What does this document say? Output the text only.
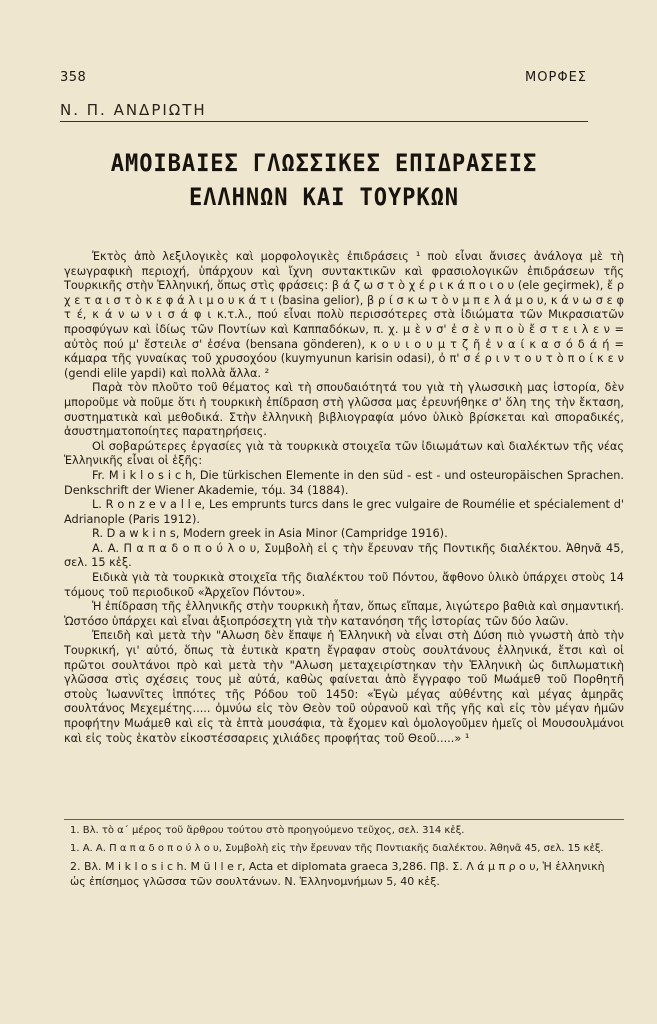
358	ΜΟΡΦΕΣ
Ν. Π. ΑΝΔΡΙΩΤΗ
ΑΜΟΙΒΑΙΕΣ ΓΛΩΣΣΙΚΕΣ ΕΠΙΔΡΑΣΕΙΣ
ΕΛΛΗΝΩΝ ΚΑΙ ΤΟΥΡΚΩΝ

Ἐκτὸς ἀπὸ λεξιλογικὲς καὶ μορφολογικὲς ἐπιδράσεις ¹ ποὺ εἶναι ἄνισες ἀνάλογα μὲ τὴ γεωγραφικὴ περιοχή, ὑπάρχουν καὶ ἴχνη συντακτικῶν καὶ φρασιολογικῶν ἐπιδράσεων τῆς Τουρκικῆς στὴν Ἑλληνική, ὅπως στὶς φράσεις: β ά ζ ω σ τ ὸ χ έ ρ ι κ ά π ο ι ο υ (ele geçirmek), ἔ ρ χ ε τ α ι σ τ ὸ κ ε φ ά λ ι μ ο υ κ ά τ ι (basina gelior), β ρ ί σ κ ω τ ὸ ν μ π ε λ ά μ ο υ, κ ά ν ω σ ε φ τ έ, κ ά ν ω ν ι σ ά φ ι κ.τ.λ., πού εἶναι πολὺ περισσότερες στὰ ἰδιώματα τῶν Μικρασιατῶν προσφύγων καὶ ἰδίως τῶν Ποντίων καὶ Καππαδόκων, π. χ. μ ὲ ν σ' ἐ σ ὲ ν π ο ὺ ἔ σ τ ε ι λ ε ν = αὐτὸς πού μ' ἔστειλε σ' ἐσένα (bensana gönderen), κ ο υ ι ο υ μ τ ζ ῆ ἐ ν α ί κ α σ ό δ ά ή = κάμαρα τῆς γυναίκας τοῦ χρυσοχόου (kuymyunun karisin odasi), ὀ π' σ έ ρ ι ν τ ο υ τ ὸ π ο ί κ ε ν (gendi elile yapdi) καὶ πολλὰ ἄλλα. ²

Παρὰ τὸν πλοῦτο τοῦ θέματος καὶ τὴ σπουδαιότητά του γιὰ τὴ γλωσσικὴ μας ἱστορία, δὲν μποροῦμε νὰ ποῦμε ὅτι ἡ τουρκικὴ ἐπίδραση στὴ γλῶσσα μας ἐρευνήθηκε σ' ὅλη της τὴν ἔκταση, συστηματικὰ καὶ μεθοδικά. Στὴν ἑλληνικὴ βιβλιογραφία μόνο ὑλικὸ βρίσκεται καὶ σποραδικές, ἀσυστηματοποίητες παρατηρήσεις.

Οἱ σοβαρώτερες ἐργασίες γιὰ τὰ τουρκικὰ στοιχεῖα τῶν ἰδιωμάτων καὶ διαλέκτων τῆς νέας Ἑλληνικῆς εἶναι οἱ ἑξῆς:

Fr. M i k l o s i c h, Die türkischen Elemente in den süd - est - und osteuropäischen Sprachen. Denkschrift der Wiener Akademie, τόμ. 34 (1884).

L. R o n z e v a l l e, Les emprunts turcs dans le grec vulgaire de Roumélie et spécialement d' Adrianople (Paris 1912).

R. D a w k i n s, Modern greek in Asia Minor (Campridge 1916).

Α. Α. Π α π α δ ο π ο ύ λ ο υ, Συμβολὴ εἰ ς τὴν ἔρευναν τῆς Ποντικῆς διαλέκτου. Ἀθηνᾶ 45, σελ. 15 κἑξ.

Ειδικὰ γιὰ τὰ τουρκικὰ στοιχεῖα τῆς διαλέκτου τοῦ Πόντου, ἄφθονο ὑλικὸ ὑπάρχει στοὺς 14 τόμους τοῦ περιοδικοῦ «Ἀρχεῖον Πόντου».

Ἡ ἐπίδραση τῆς ἑλληνικῆς στὴν τουρκικὴ ἦταν, ὅπως εἴπαμε, λιγώτερο βαθιὰ καὶ σημαντική. Ὡστόσο ὑπάρχει καὶ εἶναι ἀξιοπρόσεχτη γιὰ τὴν κατανόηση τῆς ἱστορίας τῶν δύο λαῶν.

Ἐπειδὴ καὶ μετὰ τὴν "Αλωση δὲν ἔπαψε ἡ Ἑλληνικὴ νὰ εἶναι στὴ Δύση πιὸ γνωστὴ ἀπὸ τὴν Τουρκική, γι' αὐτό, ὅπως τὰ ἐυτικὰ κρατη ἔγραφαν στοὺς σουλτάνους ἑλληνικά, ἔτσι καὶ οἱ πρῶτοι σουλτάνοι πρὸ καὶ μετὰ τὴν "Αλωση μεταχειρίστηκαν τὴν Ἑλληνικὴ ὡς διπλωματικὴ γλῶσσα στὶς σχέσεις τους μὲ αὐτά, καθὼς φαίνεται ἀπὸ ἔγγραφο τοῦ Μωάμεθ τοῦ Πορθητῆ στοὺς Ἰωαννῖτες ἱππότες τῆς Ρόδου τοῦ 1450: «Ἐγὼ μέγας αὐθέντης καὶ μέγας ἀμηρᾶς σουλτάνος Μεχεμέτης..... ὀμνύω εἰς τὸν Θεὸν τοῦ οὐρανοῦ καὶ τῆς γῆς καὶ εἰς τὸν μέγαν ἡμῶν προφήτην Μωάμεθ καὶ εἰς τὰ ἑπτὰ μουσάφια, τὰ ἔχομεν καὶ ὁμολογοῦμεν ἡμεῖς οἱ Μουσουλμάνοι καὶ εἰς τοὺς ἑκατὸν εἰκοστέσσαρεις χιλιάδες προφήτας τοῦ Θεοῦ.....» ¹

1. Βλ. τὸ α΄ μέρος τοῦ ἄρθρου τούτου στὸ προηγούμενο τεῦχος, σελ. 314 κἑξ.

1. Α. Α. Π α π α δ ο π ο ύ λ ο υ, Συμβολὴ εἰς τὴν ἔρευναν τῆς Ποντιακῆς διαλέκτου. Ἀθηνᾶ 45, σελ. 15 κἑξ.

2. Βλ. M i k l o s i c h. M ü l l e r, Acta et diplomata graeca 3,286. Πβ. Σ. Λ ά μ π ρ ο υ, Ἡ ἑλληνικὴ ὡς ἐπίσημος γλῶσσα τῶν σουλτάνων. Ν. Ἑλληνομνήμων 5, 40 κἑξ.
